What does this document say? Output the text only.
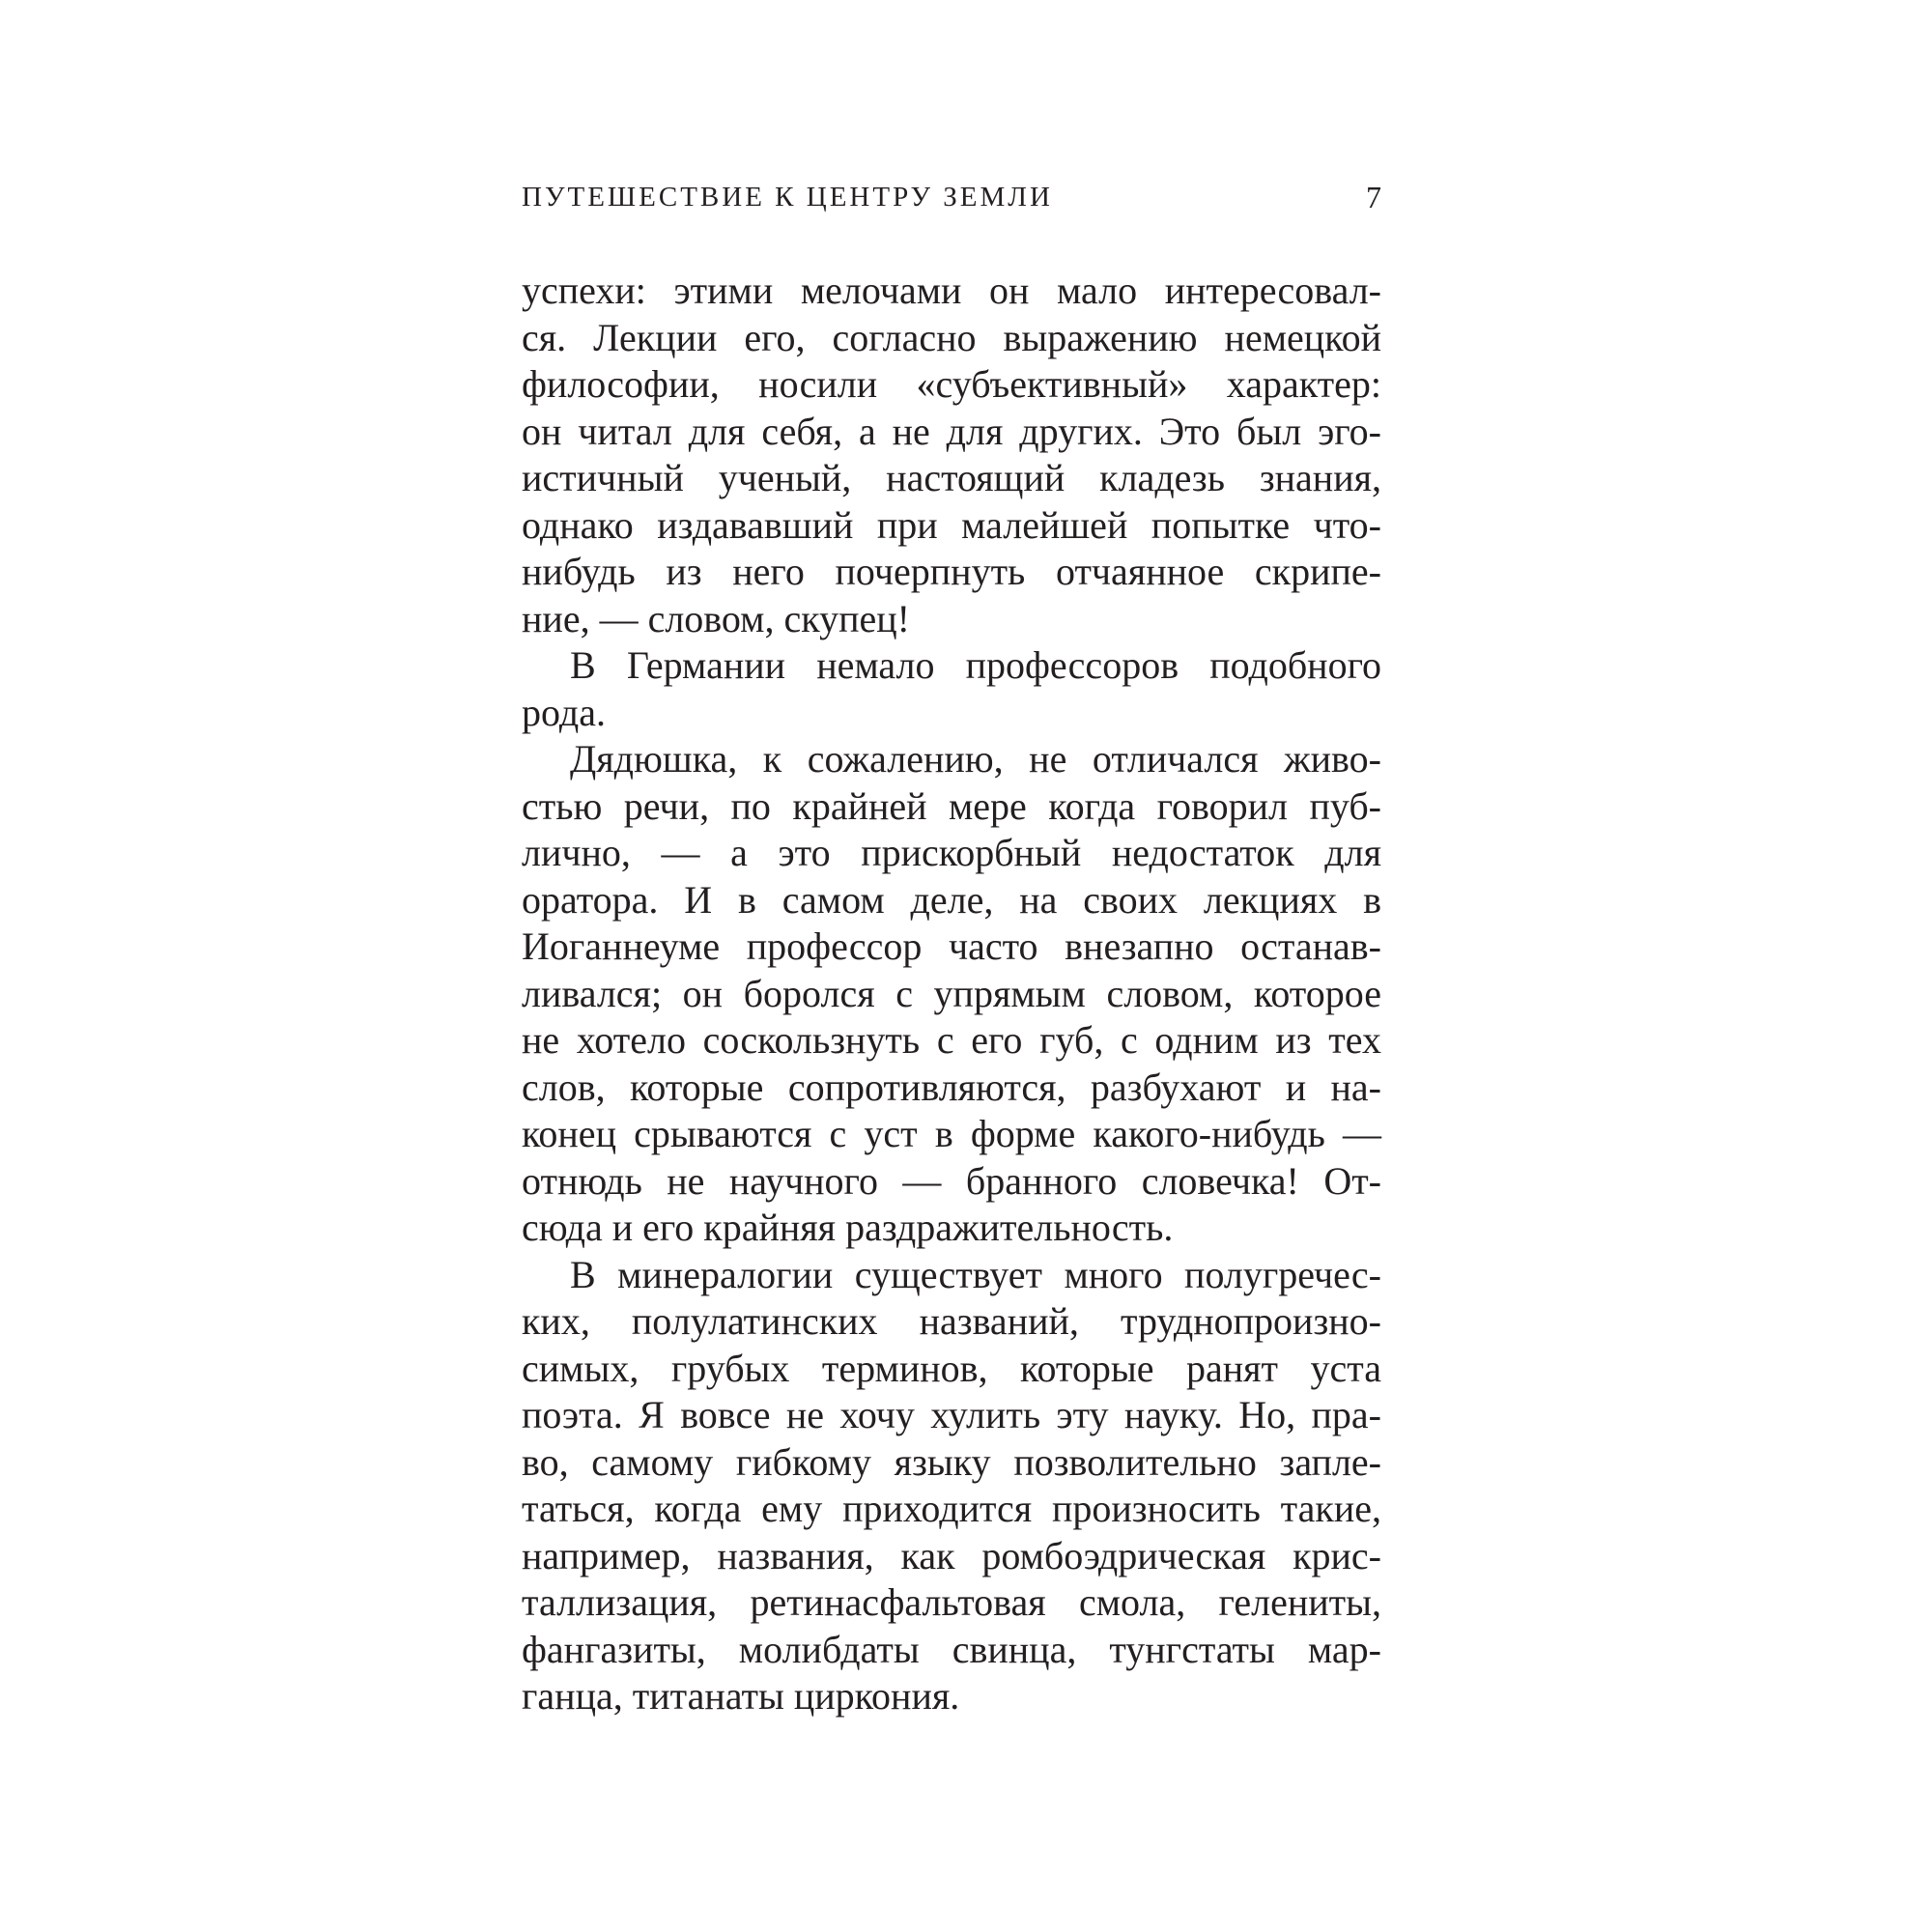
ПУТЕШЕСТВИЕ К ЦЕНТРУ ЗЕМЛИ	7
успехи: этими мелочами он мало интересовал-
ся. Лекции его, согласно выражению немецкой
философии, носили «субъективный» характер:
он читал для себя, а не для других. Это был эго-
истичный ученый, настоящий кладезь знания,
однако издававший при малейшей попытке что-
нибудь из него почерпнуть отчаянное скрипе-
ние, — словом, скупец!
В Германии немало профессоров подобного
рода.
Дядюшка, к сожалению, не отличался живо-
стью речи, по крайней мере когда говорил пуб-
лично, — а это прискорбный недостаток для
оратора. И в самом деле, на своих лекциях в
Иоганнеуме профессор часто внезапно останав-
ливался; он боролся с упрямым словом, которое
не хотело соскользнуть с его губ, с одним из тех
слов, которые сопротивляются, разбухают и на-
конец срываются с уст в форме какого-нибудь —
отнюдь не научного — бранного словечка! От-
сюда и его крайняя раздражительность.
В минералогии существует много полугречес-
ких, полулатинских названий, труднопроизно-
симых, грубых терминов, которые ранят уста
поэта. Я вовсе не хочу хулить эту науку. Но, пра-
во, самому гибкому языку позволительно запле-
таться, когда ему приходится произносить такие,
например, названия, как ромбоэдрическая крис-
таллизация, ретинасфальтовая смола, гелениты,
фангазиты, молибдаты свинца, тунгстаты мар-
ганца, титанаты циркония.
